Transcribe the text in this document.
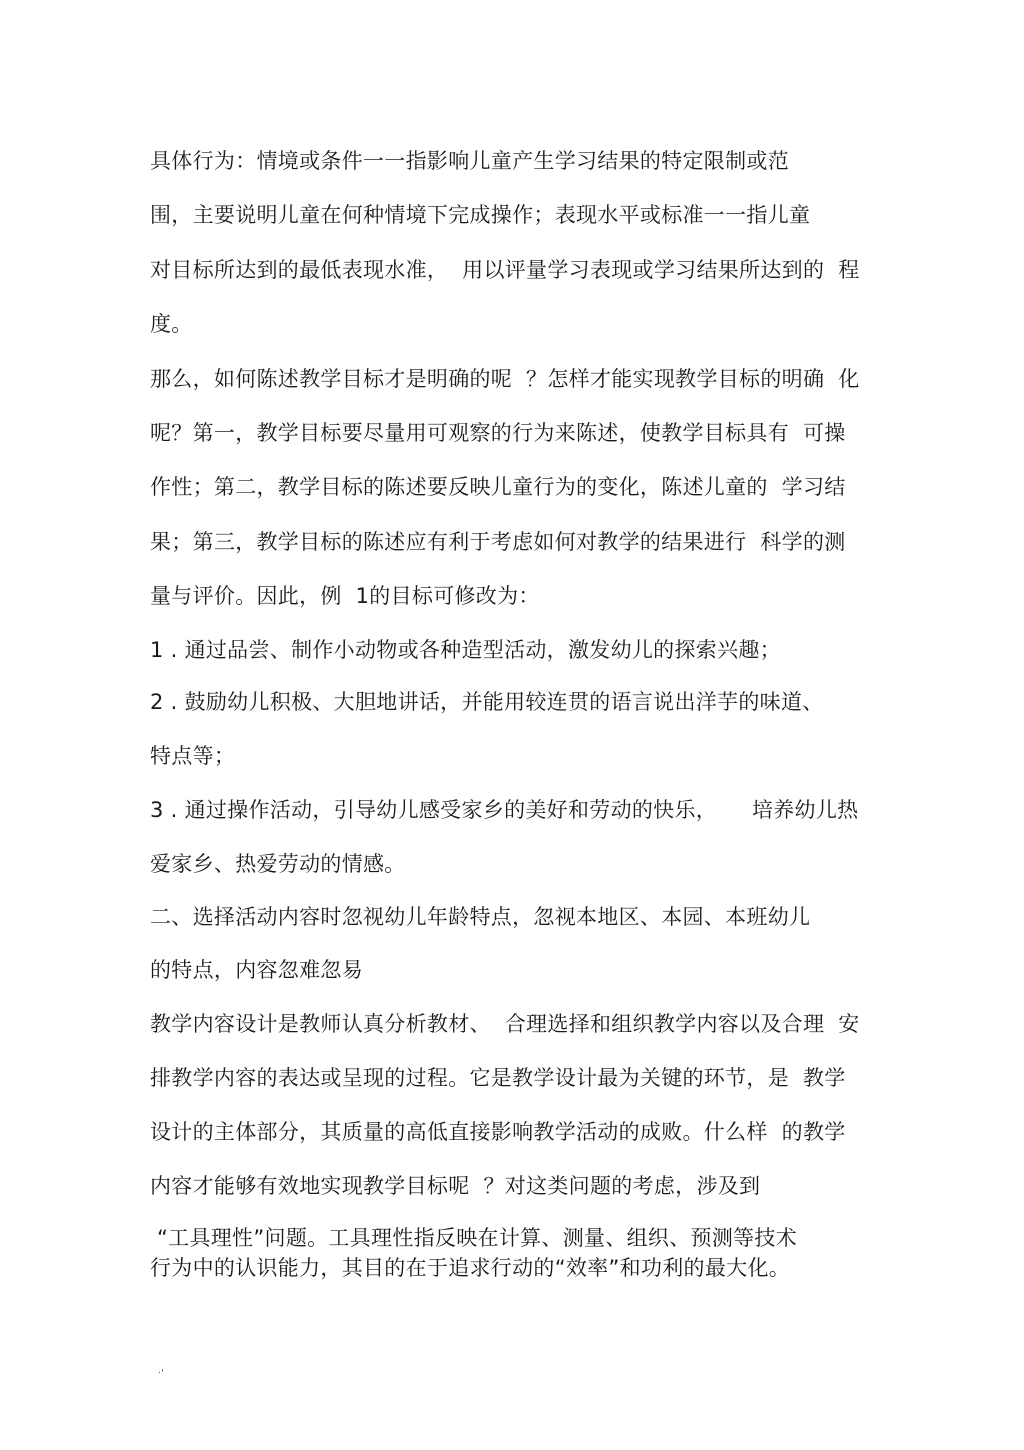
具体行为：情境或条件一一指影响儿童产生学习结果的特定限制或范
围，主要说明儿童在何种情境下完成操作；表现水平或标准一一指儿童
对目标所达到的最低表现水准，  用以评量学习表现或学习结果所达到的  程
度。
那么，如何陈述教学目标才是明确的呢  ？怎样才能实现教学目标的明确  化
呢？第一，教学目标要尽量用可观察的行为来陈述，使教学目标具有  可操
作性；第二，教学目标的陈述要反映儿童行为的变化，陈述儿童的  学习结
果；第三，教学目标的陈述应有利于考虑如何对教学的结果进行  科学的测
量与评价。因此，例  1的目标可修改为：
1 . 通过品尝、制作小动物或各种造型活动，激发幼儿的探索兴趣；
2 . 鼓励幼儿积极、大胆地讲话，并能用较连贯的语言说出洋芋的味道、
特点等；
3 . 通过操作活动，引导幼儿感受家乡的美好和劳动的快乐，     培养幼儿热
爱家乡、热爱劳动的情感。
二、选择活动内容时忽视幼儿年龄特点，忽视本地区、本园、本班幼儿
的特点，内容忽难忽易
教学内容设计是教师认真分析教材、  合理选择和组织教学内容以及合理  安
排教学内容的表达或呈现的过程。它是教学设计最为关键的环节，是  教学
设计的主体部分，其质量的高低直接影响教学活动的成败。什么样  的教学
内容才能够有效地实现教学目标呢  ？对这类问题的考虑，涉及到
“工具理性”问题。工具理性指反映在计算、测量、组织、预测等技术
行为中的认识能力，其目的在于追求行动的“效率”和功利的最大化。
·'
